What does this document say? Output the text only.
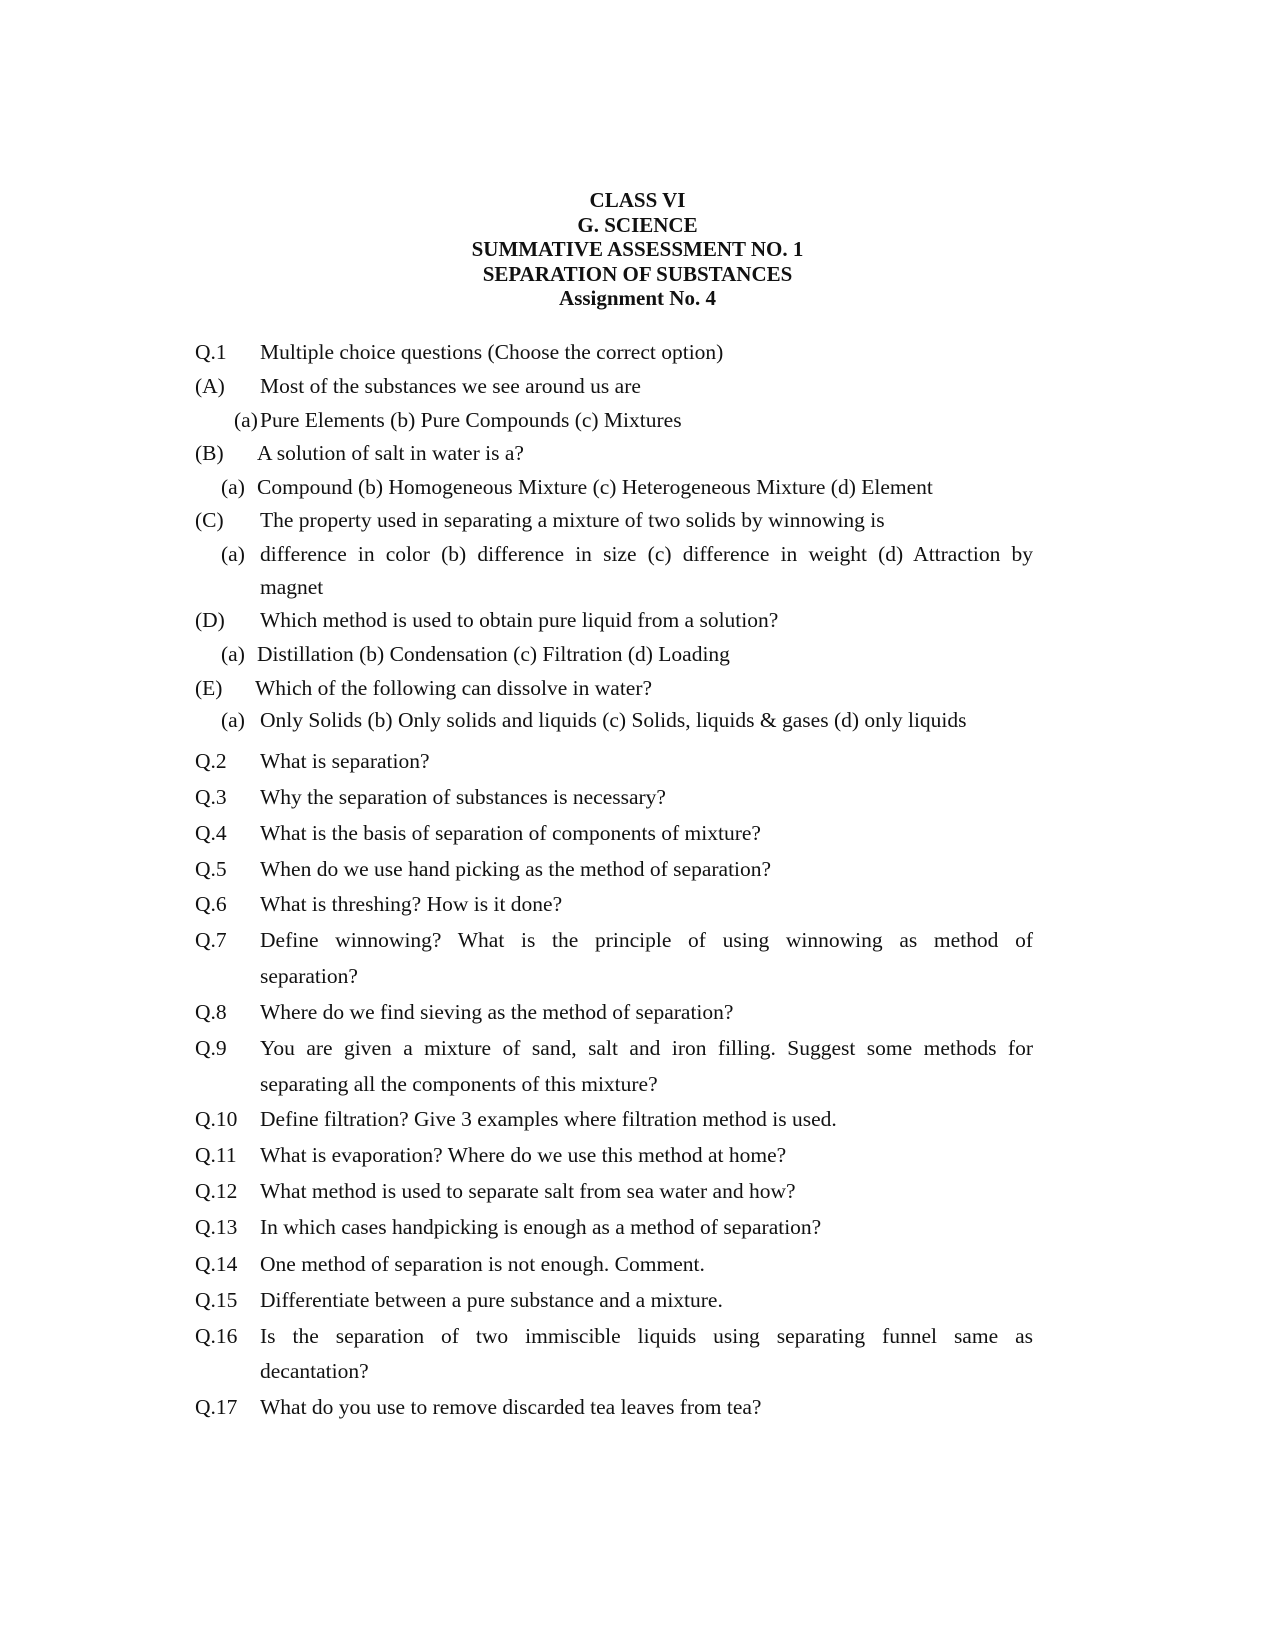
CLASS VI
G. SCIENCE
SUMMATIVE ASSESSMENT NO. 1
SEPARATION OF SUBSTANCES
Assignment No. 4
Q.1 Multiple choice questions (Choose the correct option)
(A) Most of the substances we see around us are
(a) Pure Elements (b) Pure Compounds (c) Mixtures
(B) A solution of salt in water is a?
(a) Compound (b) Homogeneous Mixture (c) Heterogeneous Mixture (d) Element
(C) The property used in separating a mixture of two solids by winnowing is
(a) difference in color (b) difference in size (c) difference in weight (d) Attraction by
magnet
(D) Which method is used to obtain pure liquid from a solution?
(a) Distillation (b) Condensation (c) Filtration (d) Loading
(E) Which of the following can dissolve in water?
(a) Only Solids (b) Only solids and liquids (c) Solids, liquids & gases (d) only liquids
Q.2 What is separation?
Q.3 Why the separation of substances is necessary?
Q.4 What is the basis of separation of components of mixture?
Q.5 When do we use hand picking as the method of separation?
Q.6 What is threshing? How is it done?
Q.7 Define winnowing? What is the principle of using winnowing as method of
separation?
Q.8 Where do we find sieving as the method of separation?
Q.9 You are given a mixture of sand, salt and iron filling. Suggest some methods for
separating all the components of this mixture?
Q.10 Define filtration? Give 3 examples where filtration method is used.
Q.11 What is evaporation? Where do we use this method at home?
Q.12 What method is used to separate salt from sea water and how?
Q.13 In which cases handpicking is enough as a method of separation?
Q.14 One method of separation is not enough. Comment.
Q.15 Differentiate between a pure substance and a mixture.
Q.16 Is the separation of two immiscible liquids using separating funnel same as
decantation?
Q.17 What do you use to remove discarded tea leaves from tea?
